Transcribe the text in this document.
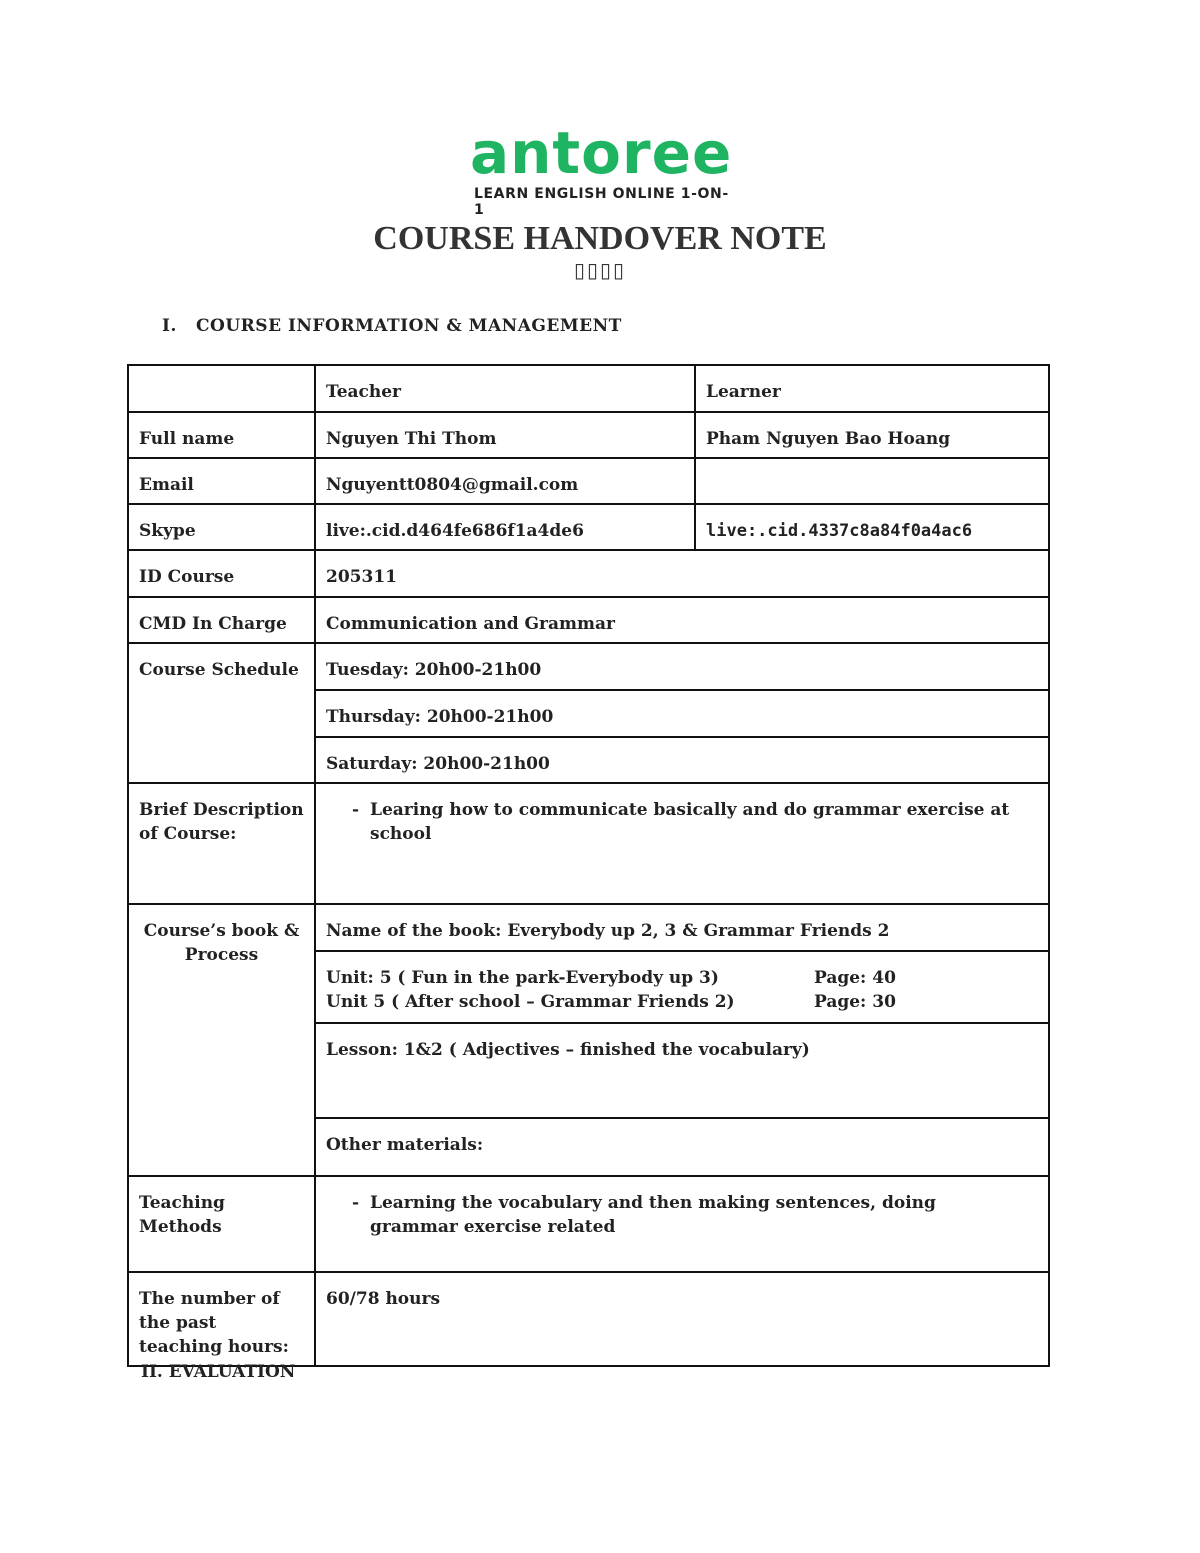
antoree
LEARN ENGLISH ONLINE 1-ON-1
COURSE HANDOVER NOTE
▯▯▯▯
I. COURSE INFORMATION & MANAGEMENT
	Teacher	Learner
Full name	Nguyen Thi Thom	Pham Nguyen Bao Hoang
Email	Nguyentt0804@gmail.com	
Skype	live:.cid.d464fe686f1a4de6	live:.cid.4337c8a84f0a4ac6
ID Course	205311	
CMD In Charge	Communication and Grammar	
Course Schedule	Tuesday: 20h00-21h00	
	Thursday: 20h00-21h00	
	Saturday: 20h00-21h00	
Brief Description of Course:	- Learing how to communicate basically and do grammar exercise at school	

Course’s book & Process	Name of the book: Everybody up 2, 3 & Grammar Friends 2	

	Unit: 5 ( Fun in the park-Everybody up 3) Page: 40
Unit 5 ( After school – Grammar Friends 2) Page: 30	

	Lesson: 1&2 ( Adjectives – finished the vocabulary)	
	Other materials:	
Teaching Methods	- Learning the vocabulary and then making sentences, doing grammar exercise related	

The number of the past teaching hours:	60/78 hours	
II. EVALUATION
